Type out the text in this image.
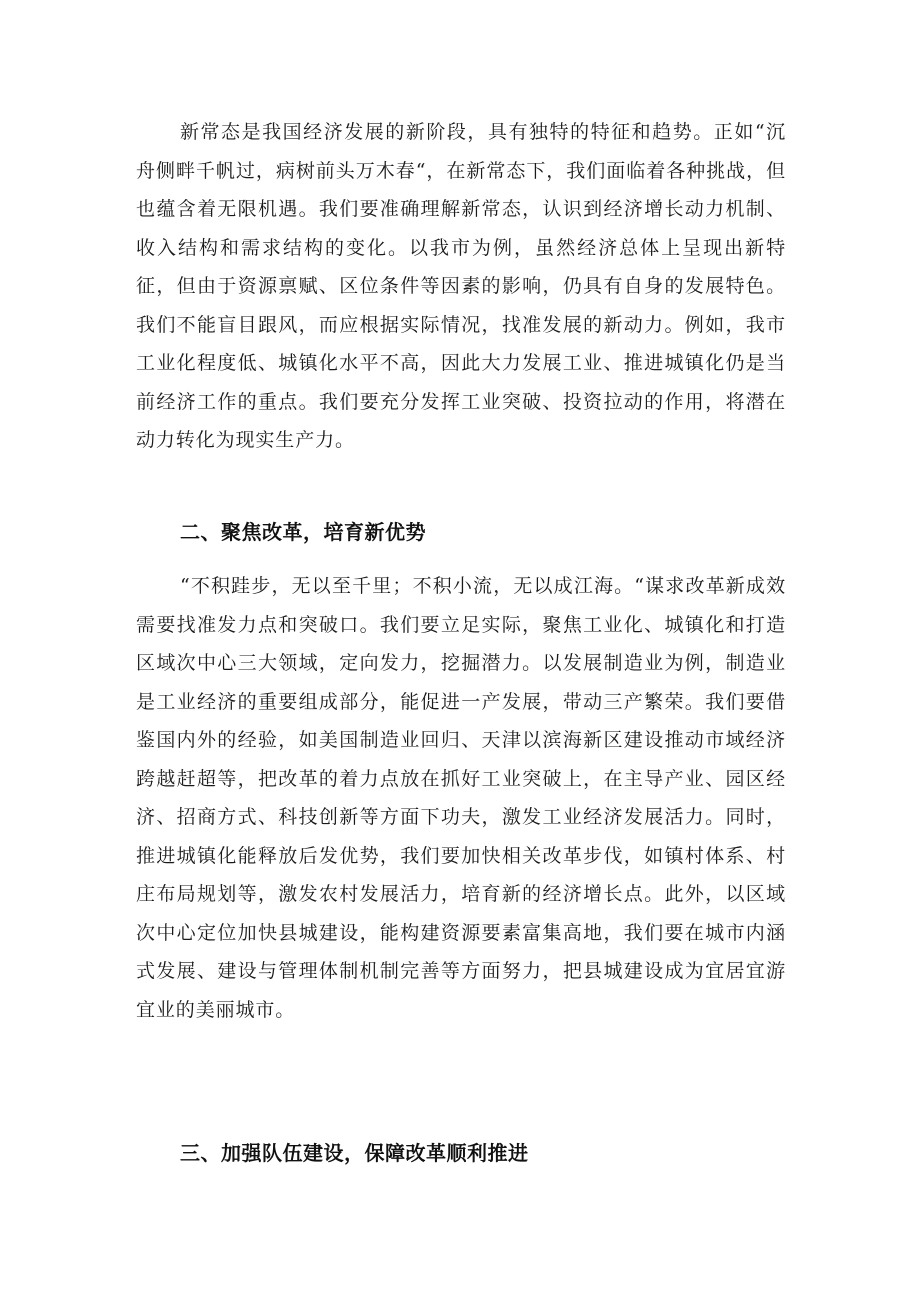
新常态是我国经济发展的新阶段，具有独特的特征和趋势。正如“沉舟侧畔千帆过，病树前头万木春“，在新常态下，我们面临着各种挑战，但也蕴含着无限机遇。我们要准确理解新常态，认识到经济增长动力机制、收入结构和需求结构的变化。以我市为例，虽然经济总体上呈现出新特征，但由于资源禀赋、区位条件等因素的影响，仍具有自身的发展特色。我们不能盲目跟风，而应根据实际情况，找准发展的新动力。例如，我市工业化程度低、城镇化水平不高，因此大力发展工业、推进城镇化仍是当前经济工作的重点。我们要充分发挥工业突破、投资拉动的作用，将潜在动力转化为现实生产力。

二、聚焦改革，培育新优势

“不积跬步，无以至千里；不积小流，无以成江海。“谋求改革新成效需要找准发力点和突破口。我们要立足实际，聚焦工业化、城镇化和打造区域次中心三大领域，定向发力，挖掘潜力。以发展制造业为例，制造业是工业经济的重要组成部分，能促进一产发展，带动三产繁荣。我们要借鉴国内外的经验，如美国制造业回归、天津以滨海新区建设推动市域经济跨越赶超等，把改革的着力点放在抓好工业突破上，在主导产业、园区经济、招商方式、科技创新等方面下功夫，激发工业经济发展活力。同时，推进城镇化能释放后发优势，我们要加快相关改革步伐，如镇村体系、村庄布局规划等，激发农村发展活力，培育新的经济增长点。此外，以区域次中心定位加快县城建设，能构建资源要素富集高地，我们要在城市内涵式发展、建设与管理体制机制完善等方面努力，把县城建设成为宜居宜游宜业的美丽城市。

三、加强队伍建设，保障改革顺利推进
